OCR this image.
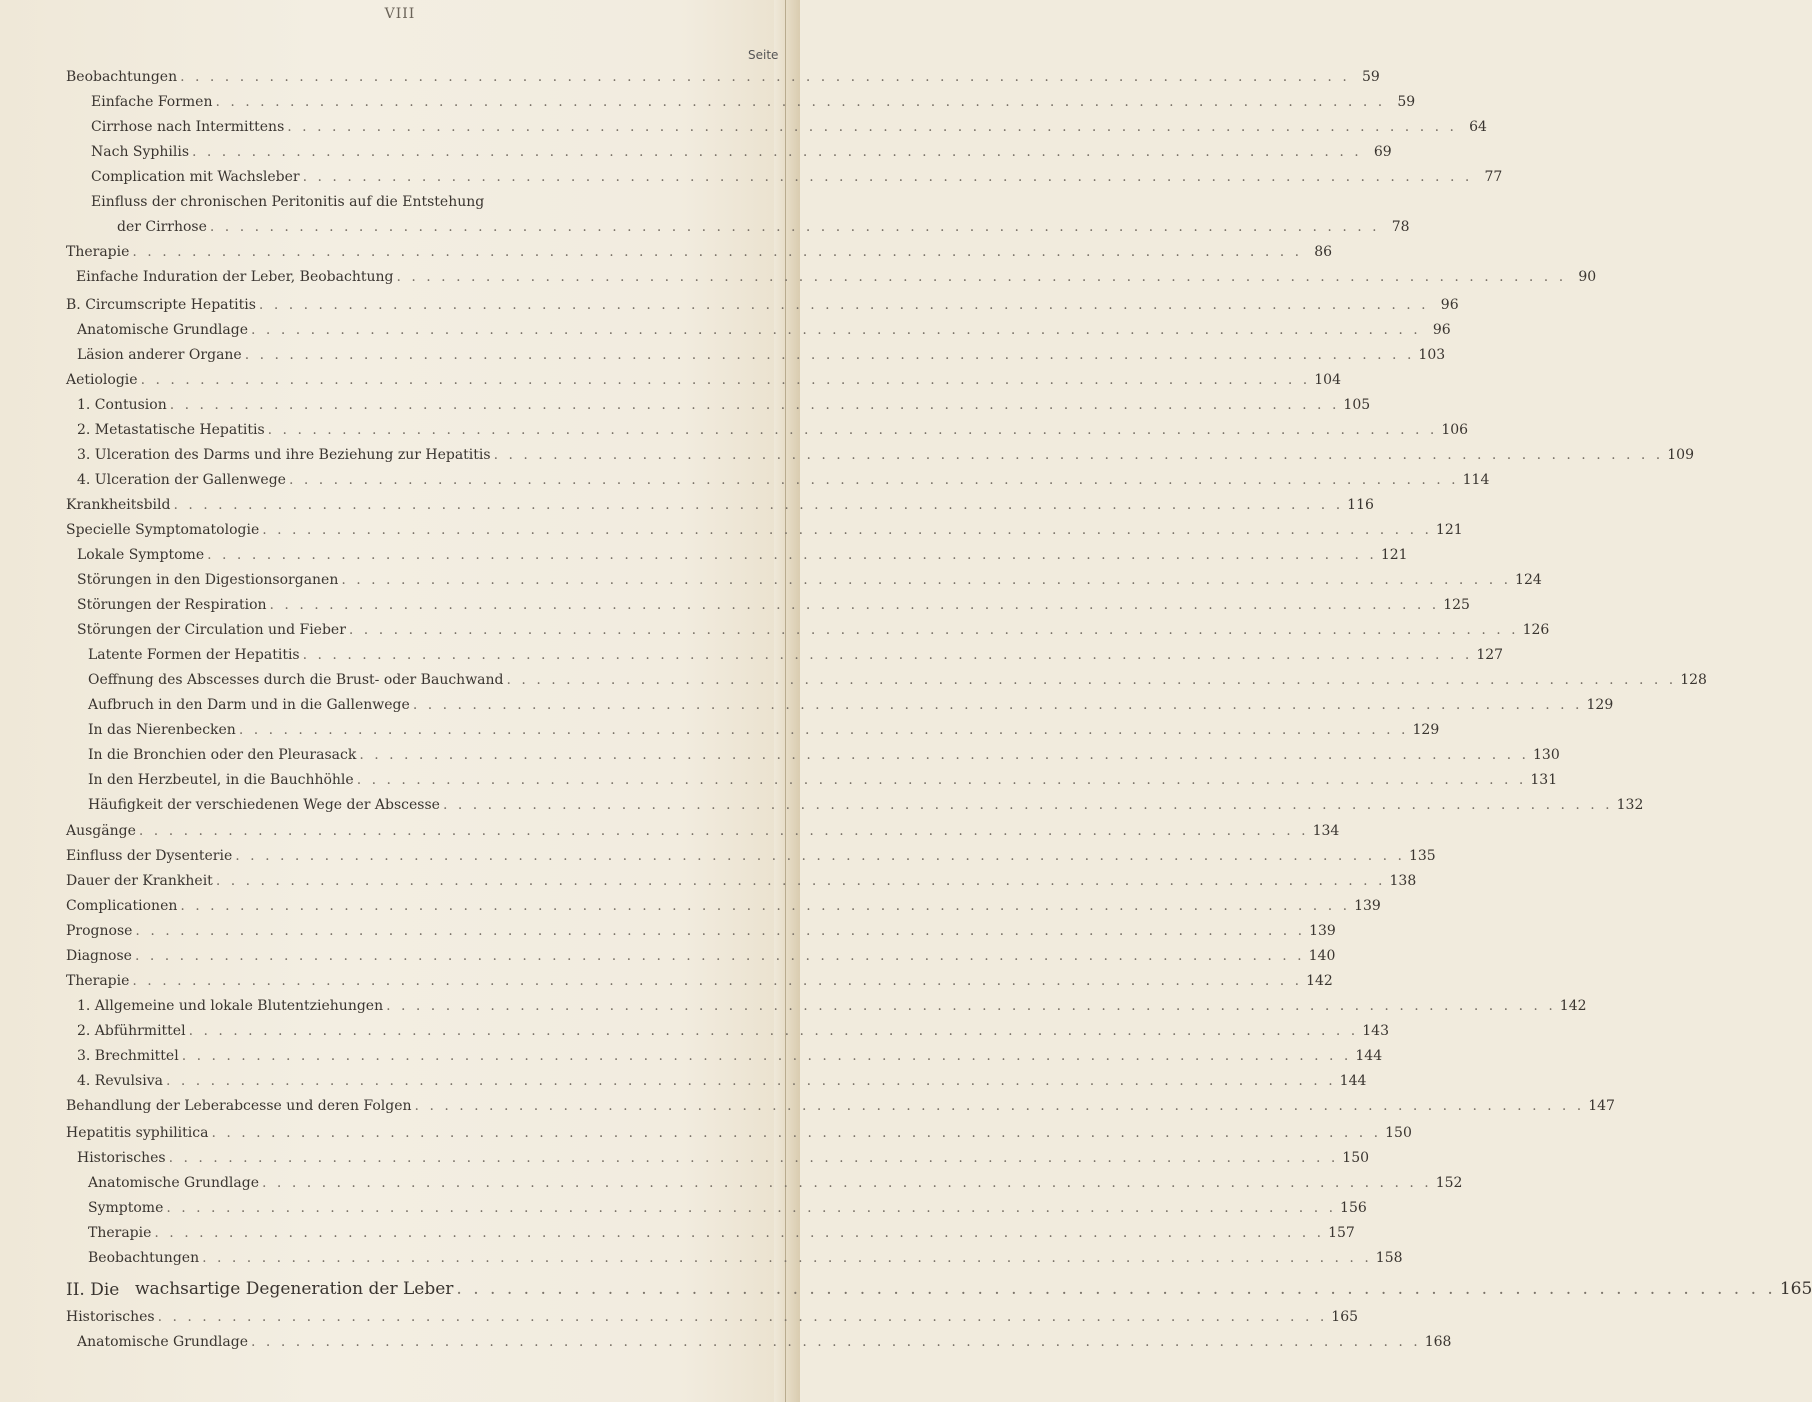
VIII
Seite
II. Die
Beobachtungen . . . . . . . . . . . . . . . . . . . . . . . . . . . . . . . . . . . . . . . . . . . . . . . . . . . . . . . . . . . . . . . . . . . . . . . . . . . . . . . 59
Einfache Formen . . . . . . . . . . . . . . . . . . . . . . . . . . . . . . . . . . . . . . . . . . . . . . . . . . . . . . . . . . . . . . . . . . . . . . . . . . . . . . . 59
Cirrhose nach Intermittens . . . . . . . . . . . . . . . . . . . . . . . . . . . . . . . . . . . . . . . . . . . . . . . . . . . . . . . . . . . . . . . . . . . . . . . . . . . . . . . 64
Nach Syphilis . . . . . . . . . . . . . . . . . . . . . . . . . . . . . . . . . . . . . . . . . . . . . . . . . . . . . . . . . . . . . . . . . . . . . . . . . . . . . . . 69
Complication mit Wachsleber . . . . . . . . . . . . . . . . . . . . . . . . . . . . . . . . . . . . . . . . . . . . . . . . . . . . . . . . . . . . . . . . . . . . . . . . . . . . . . . 77
Einfluss der chronischen Peritonitis auf die Entstehung
der Cirrhose . . . . . . . . . . . . . . . . . . . . . . . . . . . . . . . . . . . . . . . . . . . . . . . . . . . . . . . . . . . . . . . . . . . . . . . . . . . . . . . 78
Therapie . . . . . . . . . . . . . . . . . . . . . . . . . . . . . . . . . . . . . . . . . . . . . . . . . . . . . . . . . . . . . . . . . . . . . . . . . . . . . . . 86
Einfache Induration der Leber, Beobachtung . . . . . . . . . . . . . . . . . . . . . . . . . . . . . . . . . . . . . . . . . . . . . . . . . . . . . . . . . . . . . . . . . . . . . . . . . . . . . . . 90
B. Circumscripte Hepatitis . . . . . . . . . . . . . . . . . . . . . . . . . . . . . . . . . . . . . . . . . . . . . . . . . . . . . . . . . . . . . . . . . . . . . . . . . . . . . . . 96
Anatomische Grundlage . . . . . . . . . . . . . . . . . . . . . . . . . . . . . . . . . . . . . . . . . . . . . . . . . . . . . . . . . . . . . . . . . . . . . . . . . . . . . . . 96
Läsion anderer Organe . . . . . . . . . . . . . . . . . . . . . . . . . . . . . . . . . . . . . . . . . . . . . . . . . . . . . . . . . . . . . . . . . . . . . . . . . . . . . . . 103
Aetiologie . . . . . . . . . . . . . . . . . . . . . . . . . . . . . . . . . . . . . . . . . . . . . . . . . . . . . . . . . . . . . . . . . . . . . . . . . . . . . . . 104
1. Contusion . . . . . . . . . . . . . . . . . . . . . . . . . . . . . . . . . . . . . . . . . . . . . . . . . . . . . . . . . . . . . . . . . . . . . . . . . . . . . . . 105
2. Metastatische Hepatitis . . . . . . . . . . . . . . . . . . . . . . . . . . . . . . . . . . . . . . . . . . . . . . . . . . . . . . . . . . . . . . . . . . . . . . . . . . . . . . . 106
3. Ulceration des Darms und ihre Beziehung zur Hepatitis . . . . . . . . . . . . . . . . . . . . . . . . . . . . . . . . . . . . . . . . . . . . . . . . . . . . . . . . . . . . . . . . . . . . . . . . . . . . . . . 109
4. Ulceration der Gallenwege . . . . . . . . . . . . . . . . . . . . . . . . . . . . . . . . . . . . . . . . . . . . . . . . . . . . . . . . . . . . . . . . . . . . . . . . . . . . . . . 114
Krankheitsbild . . . . . . . . . . . . . . . . . . . . . . . . . . . . . . . . . . . . . . . . . . . . . . . . . . . . . . . . . . . . . . . . . . . . . . . . . . . . . . . 116
Specielle Symptomatologie . . . . . . . . . . . . . . . . . . . . . . . . . . . . . . . . . . . . . . . . . . . . . . . . . . . . . . . . . . . . . . . . . . . . . . . . . . . . . . . 121
Lokale Symptome . . . . . . . . . . . . . . . . . . . . . . . . . . . . . . . . . . . . . . . . . . . . . . . . . . . . . . . . . . . . . . . . . . . . . . . . . . . . . . . 121
Störungen in den Digestionsorganen . . . . . . . . . . . . . . . . . . . . . . . . . . . . . . . . . . . . . . . . . . . . . . . . . . . . . . . . . . . . . . . . . . . . . . . . . . . . . . . 124
Störungen der Respiration . . . . . . . . . . . . . . . . . . . . . . . . . . . . . . . . . . . . . . . . . . . . . . . . . . . . . . . . . . . . . . . . . . . . . . . . . . . . . . . 125
Störungen der Circulation und Fieber . . . . . . . . . . . . . . . . . . . . . . . . . . . . . . . . . . . . . . . . . . . . . . . . . . . . . . . . . . . . . . . . . . . . . . . . . . . . . . . 126
Latente Formen der Hepatitis . . . . . . . . . . . . . . . . . . . . . . . . . . . . . . . . . . . . . . . . . . . . . . . . . . . . . . . . . . . . . . . . . . . . . . . . . . . . . . . 127
Oeffnung des Abscesses durch die Brust- oder Bauchwand . . . . . . . . . . . . . . . . . . . . . . . . . . . . . . . . . . . . . . . . . . . . . . . . . . . . . . . . . . . . . . . . . . . . . . . . . . . . . . . 128
Aufbruch in den Darm und in die Gallenwege . . . . . . . . . . . . . . . . . . . . . . . . . . . . . . . . . . . . . . . . . . . . . . . . . . . . . . . . . . . . . . . . . . . . . . . . . . . . . . . 129
In das Nierenbecken . . . . . . . . . . . . . . . . . . . . . . . . . . . . . . . . . . . . . . . . . . . . . . . . . . . . . . . . . . . . . . . . . . . . . . . . . . . . . . . 129
In die Bronchien oder den Pleurasack . . . . . . . . . . . . . . . . . . . . . . . . . . . . . . . . . . . . . . . . . . . . . . . . . . . . . . . . . . . . . . . . . . . . . . . . . . . . . . . 130
In den Herzbeutel, in die Bauchhöhle . . . . . . . . . . . . . . . . . . . . . . . . . . . . . . . . . . . . . . . . . . . . . . . . . . . . . . . . . . . . . . . . . . . . . . . . . . . . . . . 131
Häufigkeit der verschiedenen Wege der Abscesse . . . . . . . . . . . . . . . . . . . . . . . . . . . . . . . . . . . . . . . . . . . . . . . . . . . . . . . . . . . . . . . . . . . . . . . . . . . . . . . 132
Ausgänge . . . . . . . . . . . . . . . . . . . . . . . . . . . . . . . . . . . . . . . . . . . . . . . . . . . . . . . . . . . . . . . . . . . . . . . . . . . . . . . 134
Einfluss der Dysenterie . . . . . . . . . . . . . . . . . . . . . . . . . . . . . . . . . . . . . . . . . . . . . . . . . . . . . . . . . . . . . . . . . . . . . . . . . . . . . . . 135
Dauer der Krankheit . . . . . . . . . . . . . . . . . . . . . . . . . . . . . . . . . . . . . . . . . . . . . . . . . . . . . . . . . . . . . . . . . . . . . . . . . . . . . . . 138
Complicationen . . . . . . . . . . . . . . . . . . . . . . . . . . . . . . . . . . . . . . . . . . . . . . . . . . . . . . . . . . . . . . . . . . . . . . . . . . . . . . . 139
Prognose . . . . . . . . . . . . . . . . . . . . . . . . . . . . . . . . . . . . . . . . . . . . . . . . . . . . . . . . . . . . . . . . . . . . . . . . . . . . . . . 139
Diagnose . . . . . . . . . . . . . . . . . . . . . . . . . . . . . . . . . . . . . . . . . . . . . . . . . . . . . . . . . . . . . . . . . . . . . . . . . . . . . . . 140
Therapie . . . . . . . . . . . . . . . . . . . . . . . . . . . . . . . . . . . . . . . . . . . . . . . . . . . . . . . . . . . . . . . . . . . . . . . . . . . . . . . 142
1. Allgemeine und lokale Blutentziehungen . . . . . . . . . . . . . . . . . . . . . . . . . . . . . . . . . . . . . . . . . . . . . . . . . . . . . . . . . . . . . . . . . . . . . . . . . . . . . . . 142
2. Abführmittel . . . . . . . . . . . . . . . . . . . . . . . . . . . . . . . . . . . . . . . . . . . . . . . . . . . . . . . . . . . . . . . . . . . . . . . . . . . . . . . 143
3. Brechmittel . . . . . . . . . . . . . . . . . . . . . . . . . . . . . . . . . . . . . . . . . . . . . . . . . . . . . . . . . . . . . . . . . . . . . . . . . . . . . . . 144
4. Revulsiva . . . . . . . . . . . . . . . . . . . . . . . . . . . . . . . . . . . . . . . . . . . . . . . . . . . . . . . . . . . . . . . . . . . . . . . . . . . . . . . 144
Behandlung der Leberabcesse und deren Folgen . . . . . . . . . . . . . . . . . . . . . . . . . . . . . . . . . . . . . . . . . . . . . . . . . . . . . . . . . . . . . . . . . . . . . . . . . . . . . . . 147
Hepatitis syphilitica . . . . . . . . . . . . . . . . . . . . . . . . . . . . . . . . . . . . . . . . . . . . . . . . . . . . . . . . . . . . . . . . . . . . . . . . . . . . . . . 150
Historisches . . . . . . . . . . . . . . . . . . . . . . . . . . . . . . . . . . . . . . . . . . . . . . . . . . . . . . . . . . . . . . . . . . . . . . . . . . . . . . . 150
Anatomische Grundlage . . . . . . . . . . . . . . . . . . . . . . . . . . . . . . . . . . . . . . . . . . . . . . . . . . . . . . . . . . . . . . . . . . . . . . . . . . . . . . . 152
Symptome . . . . . . . . . . . . . . . . . . . . . . . . . . . . . . . . . . . . . . . . . . . . . . . . . . . . . . . . . . . . . . . . . . . . . . . . . . . . . . . 156
Therapie . . . . . . . . . . . . . . . . . . . . . . . . . . . . . . . . . . . . . . . . . . . . . . . . . . . . . . . . . . . . . . . . . . . . . . . . . . . . . . . 157
Beobachtungen . . . . . . . . . . . . . . . . . . . . . . . . . . . . . . . . . . . . . . . . . . . . . . . . . . . . . . . . . . . . . . . . . . . . . . . . . . . . . . . 158
wachsartige Degeneration der Leber . . . . . . . . . . . . . . . . . . . . . . . . . . . . . . . . . . . . . . . . . . . . . . . . . . . . . . . . . . . . . . . . . . . . . . . . . . . . . . . 165
Historisches . . . . . . . . . . . . . . . . . . . . . . . . . . . . . . . . . . . . . . . . . . . . . . . . . . . . . . . . . . . . . . . . . . . . . . . . . . . . . . . 165
Anatomische Grundlage . . . . . . . . . . . . . . . . . . . . . . . . . . . . . . . . . . . . . . . . . . . . . . . . . . . . . . . . . . . . . . . . . . . . . . . . . . . . . . . 168
